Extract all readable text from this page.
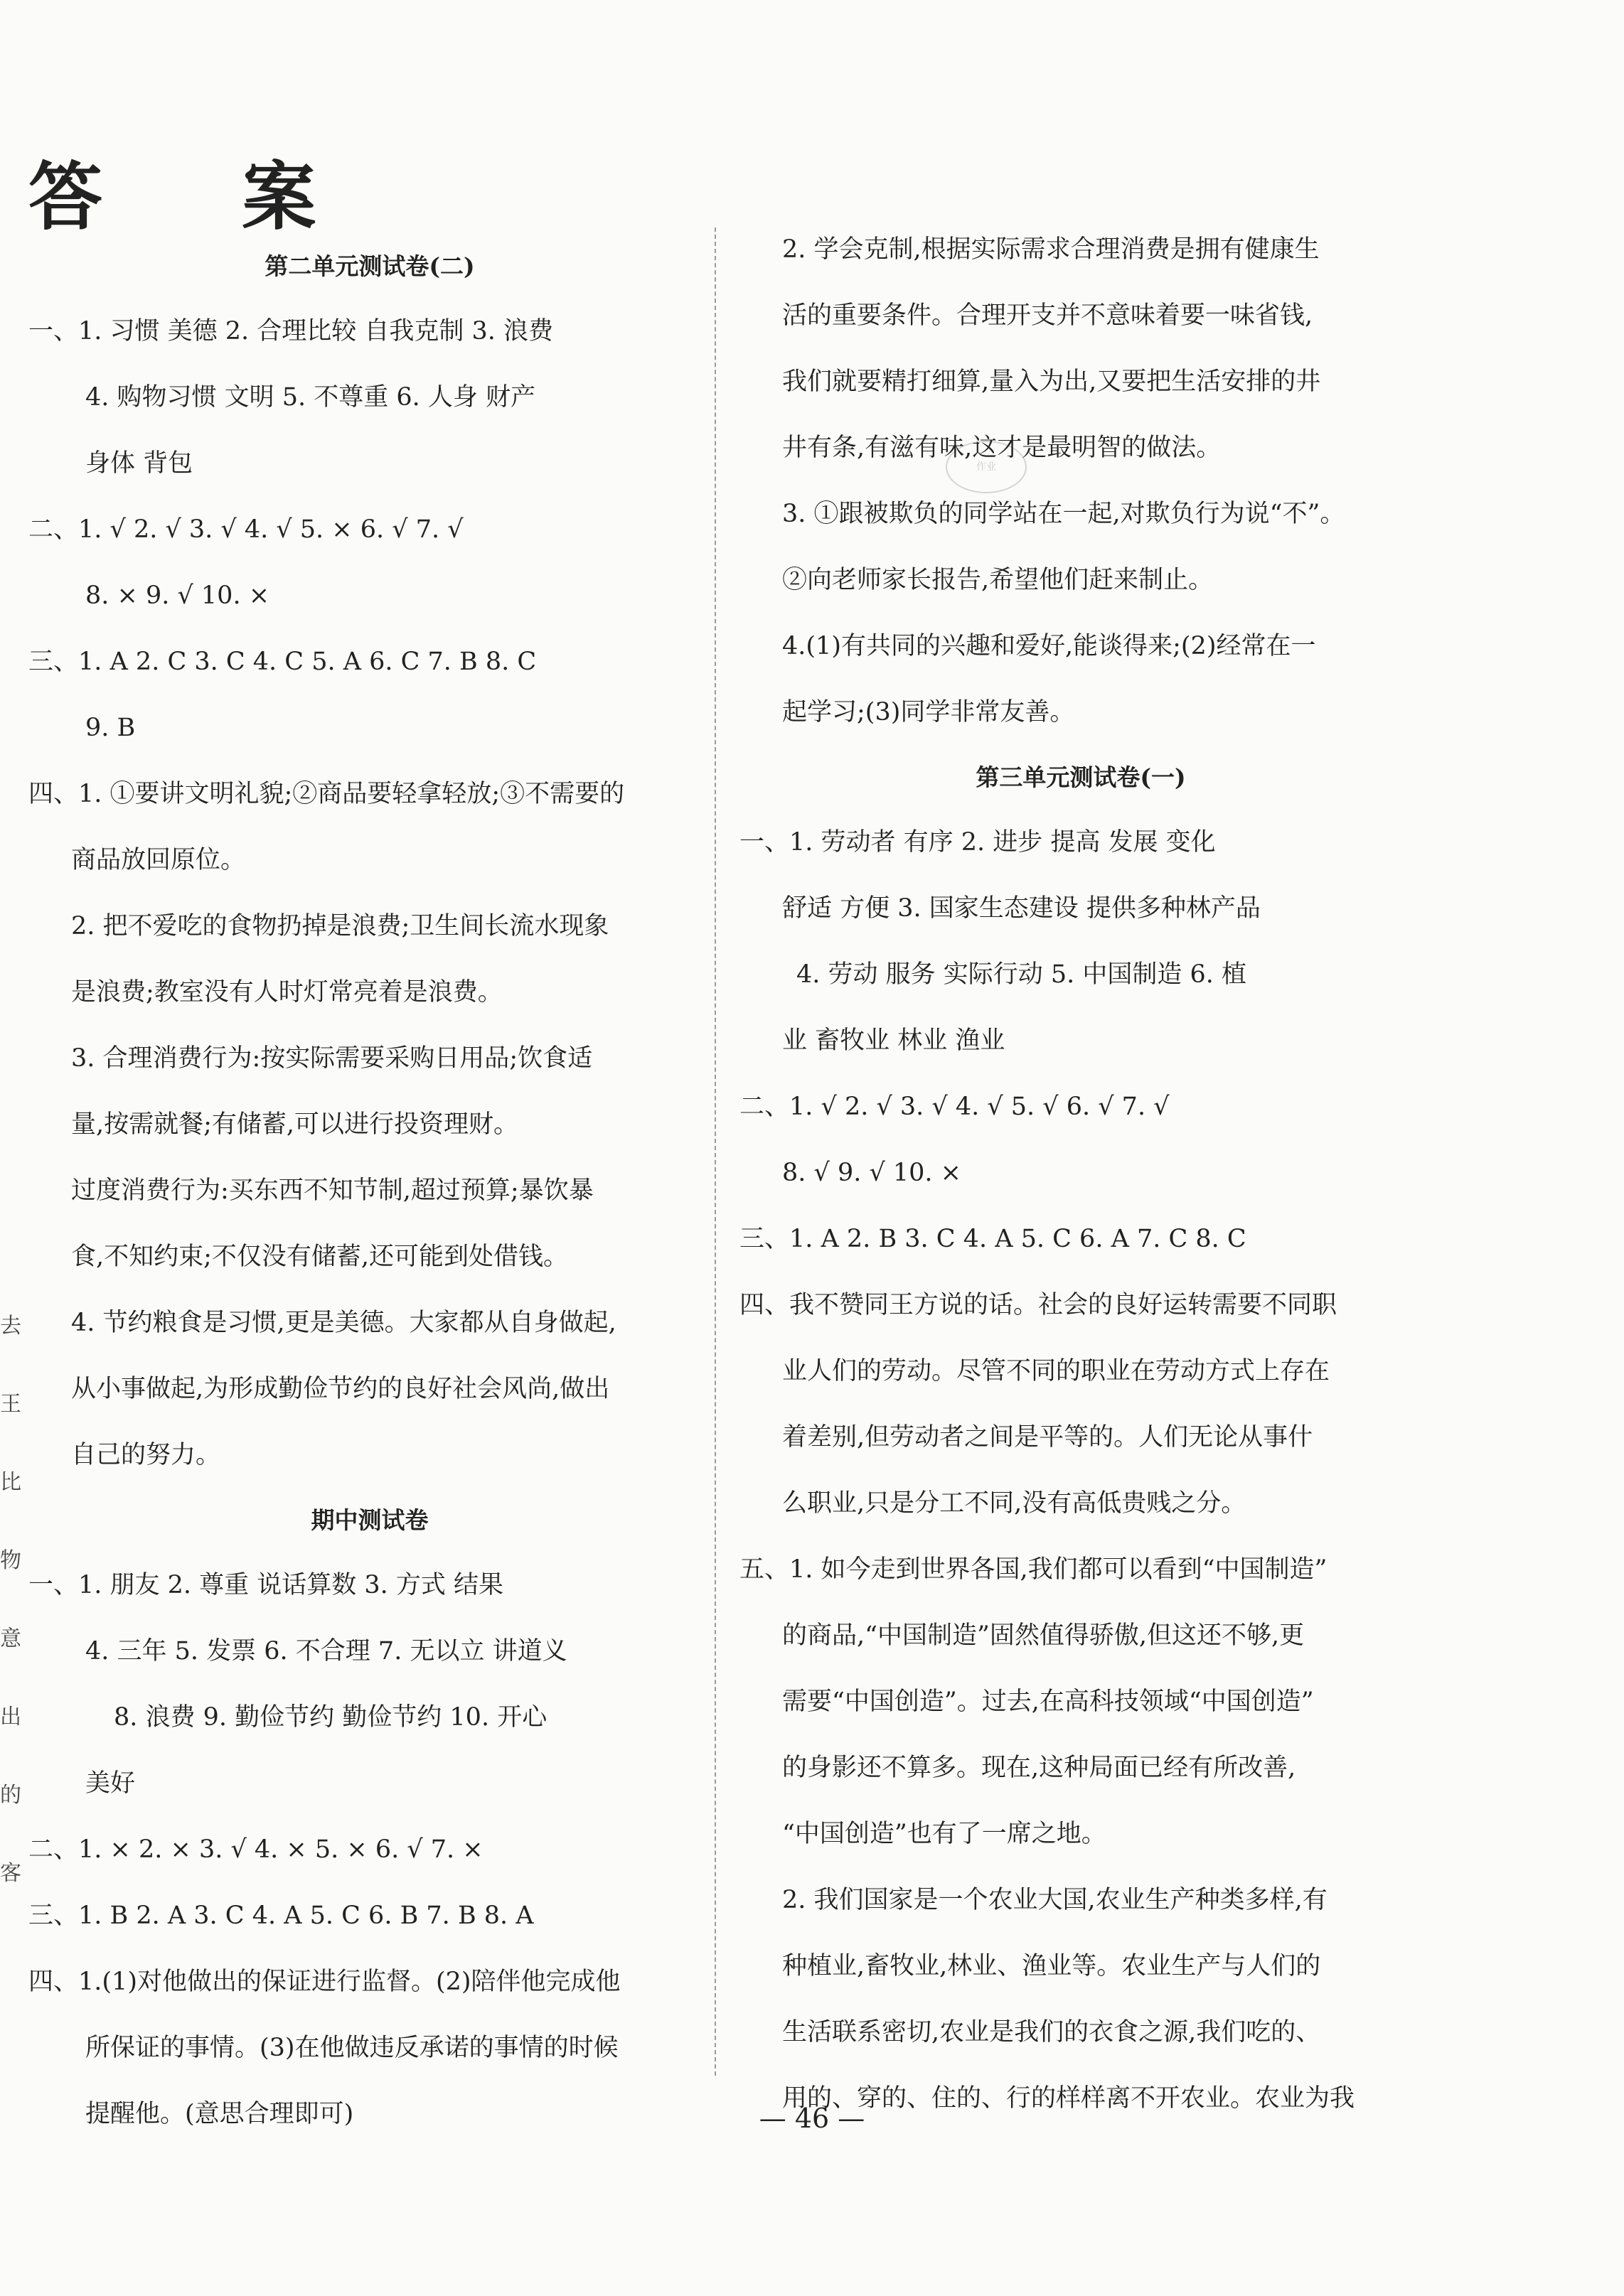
答 案
去
王
比
物
意
出
的
客
第二单元测试卷(二)
一、1. 习惯 美德 2. 合理比较 自我克制 3. 浪费
4. 购物习惯 文明 5. 不尊重 6. 人身 财产
身体 背包
二、1. √ 2. √ 3. √ 4. √ 5. × 6. √ 7. √
8. × 9. √ 10. ×
三、1. A 2. C 3. C 4. C 5. A 6. C 7. B 8. C
9. B
四、1. ①要讲文明礼貌;②商品要轻拿轻放;③不需要的
商品放回原位。
2. 把不爱吃的食物扔掉是浪费;卫生间长流水现象
是浪费;教室没有人时灯常亮着是浪费。
3. 合理消费行为:按实际需要采购日用品;饮食适
量,按需就餐;有储蓄,可以进行投资理财。
过度消费行为:买东西不知节制,超过预算;暴饮暴
食,不知约束;不仅没有储蓄,还可能到处借钱。
4. 节约粮食是习惯,更是美德。大家都从自身做起,
从小事做起,为形成勤俭节约的良好社会风尚,做出
自己的努力。
期中测试卷
一、1. 朋友 2. 尊重 说话算数 3. 方式 结果
4. 三年 5. 发票 6. 不合理 7. 无以立 讲道义
8. 浪费 9. 勤俭节约 勤俭节约 10. 开心
美好
二、1. × 2. × 3. √ 4. × 5. × 6. √ 7. ×
三、1. B 2. A 3. C 4. A 5. C 6. B 7. B 8. A
四、1.(1)对他做出的保证进行监督。(2)陪伴他完成他
所保证的事情。(3)在他做违反承诺的事情的时候
提醒他。(意思合理即可)
作业
2. 学会克制,根据实际需求合理消费是拥有健康生
活的重要条件。合理开支并不意味着要一味省钱,
我们就要精打细算,量入为出,又要把生活安排的井
井有条,有滋有味,这才是最明智的做法。
3. ①跟被欺负的同学站在一起,对欺负行为说“不”。
②向老师家长报告,希望他们赶来制止。
4.(1)有共同的兴趣和爱好,能谈得来;(2)经常在一
起学习;(3)同学非常友善。
第三单元测试卷(一)
一、1. 劳动者 有序 2. 进步 提高 发展 变化
舒适 方便 3. 国家生态建设 提供多种林产品
4. 劳动 服务 实际行动 5. 中国制造 6. 植
业 畜牧业 林业 渔业
二、1. √ 2. √ 3. √ 4. √ 5. √ 6. √ 7. √
8. √ 9. √ 10. ×
三、1. A 2. B 3. C 4. A 5. C 6. A 7. C 8. C
四、我不赞同王方说的话。社会的良好运转需要不同职
业人们的劳动。尽管不同的职业在劳动方式上存在
着差别,但劳动者之间是平等的。人们无论从事什
么职业,只是分工不同,没有高低贵贱之分。
五、1. 如今走到世界各国,我们都可以看到“中国制造”
的商品,“中国制造”固然值得骄傲,但这还不够,更
需要“中国创造”。过去,在高科技领域“中国创造”
的身影还不算多。现在,这种局面已经有所改善,
“中国创造”也有了一席之地。
2. 我们国家是一个农业大国,农业生产种类多样,有
种植业,畜牧业,林业、渔业等。农业生产与人们的
生活联系密切,农业是我们的衣食之源,我们吃的、
用的、穿的、住的、行的样样离不开农业。农业为我
— 46 —
